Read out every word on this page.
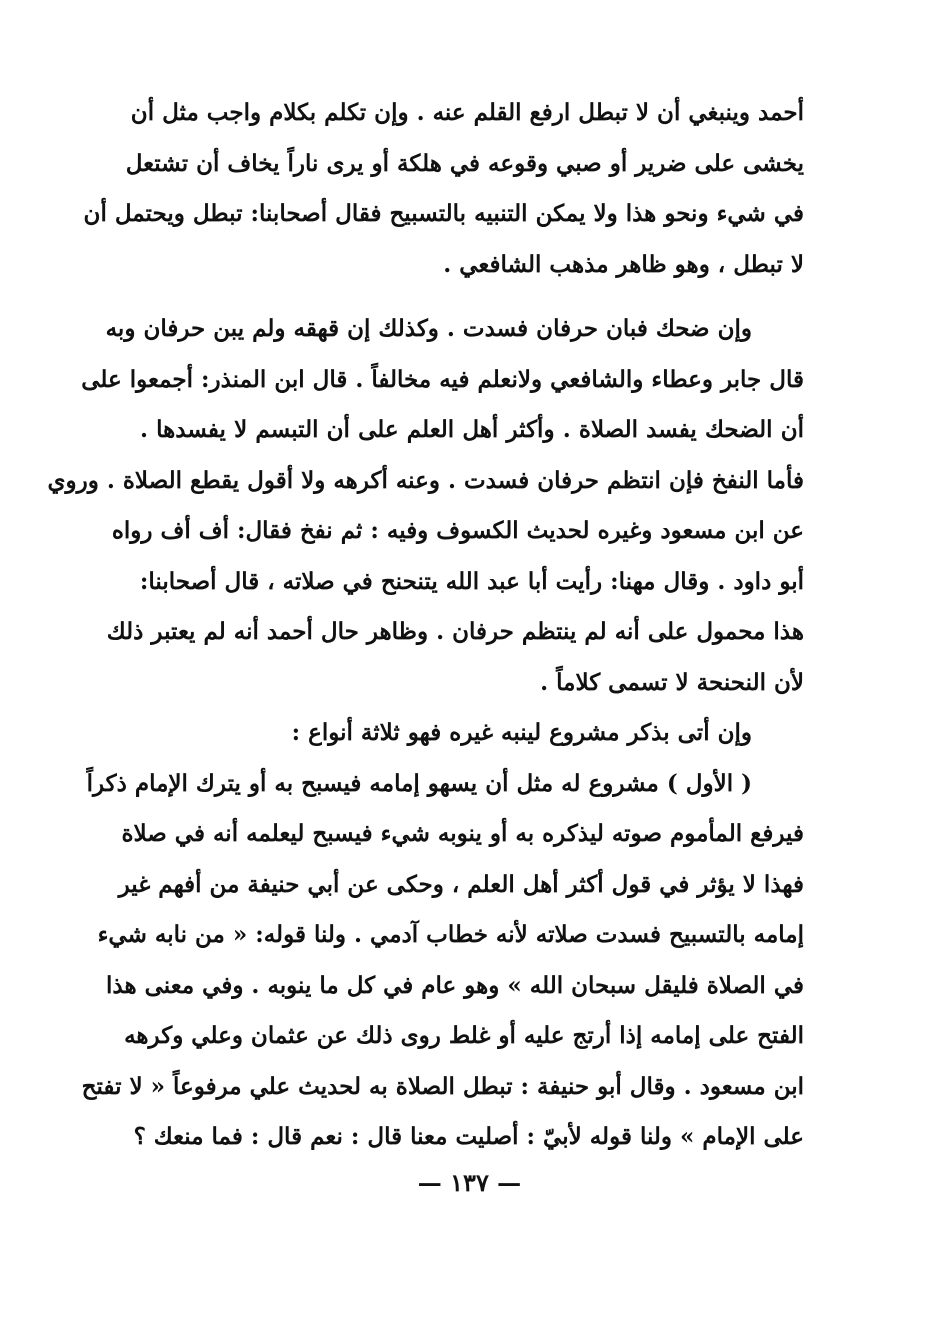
أحمد وينبغي أن لا تبطل ارفع القلم عنه . وإن تكلم بكلام واجب مثل أن
يخشى على ضرير أو صبي وقوعه في هلكة أو يرى ناراً يخاف أن تشتعل
في شيء ونحو هذا ولا يمكن التنبيه بالتسبيح فقال أصحابنا: تبطل ويحتمل أن
لا تبطل ، وهو ظاهر مذهب الشافعي .

وإن ضحك فبان حرفان فسدت . وكذلك إن قهقه ولم يبن حرفان وبه
قال جابر وعطاء والشافعي ولانعلم فيه مخالفاً . قال ابن المنذر: أجمعوا على
أن الضحك يفسد الصلاة . وأكثر أهل العلم على أن التبسم لا يفسدها .
فأما النفخ فإن انتظم حرفان فسدت . وعنه أكرهه ولا أقول يقطع الصلاة . وروي
عن ابن مسعود وغيره لحديث الكسوف وفيه : ثم نفخ فقال: أف أف رواه
أبو داود . وقال مهنا: رأيت أبا عبد الله يتنحنح في صلاته ، قال أصحابنا:
هذا محمول على أنه لم ينتظم حرفان . وظاهر حال أحمد أنه لم يعتبر ذلك
لأن النحنحة لا تسمى كلاماً .

وإن أتى بذكر مشروع لينبه غيره فهو ثلاثة أنواع :

( الأول ) مشروع له مثل أن يسهو إمامه فيسبح به أو يترك الإمام ذكراً
فيرفع المأموم صوته ليذكره به أو ينوبه شيء فيسبح ليعلمه أنه في صلاة
فهذا لا يؤثر في قول أكثر أهل العلم ، وحكى عن أبي حنيفة من أفهم غير
إمامه بالتسبيح فسدت صلاته لأنه خطاب آدمي . ولنا قوله: « من نابه شيء
في الصلاة فليقل سبحان الله » وهو عام في كل ما ينوبه . وفي معنى هذا
الفتح على إمامه إذا أرتج عليه أو غلط روى ذلك عن عثمان وعلي وكرهه
ابن مسعود . وقال أبو حنيفة : تبطل الصلاة به لحديث علي مرفوعاً « لا تفتح
على الإمام » ولنا قوله لأبيّ : أصليت معنا قال : نعم قال : فما منعك ؟

— ١٣٧ —
